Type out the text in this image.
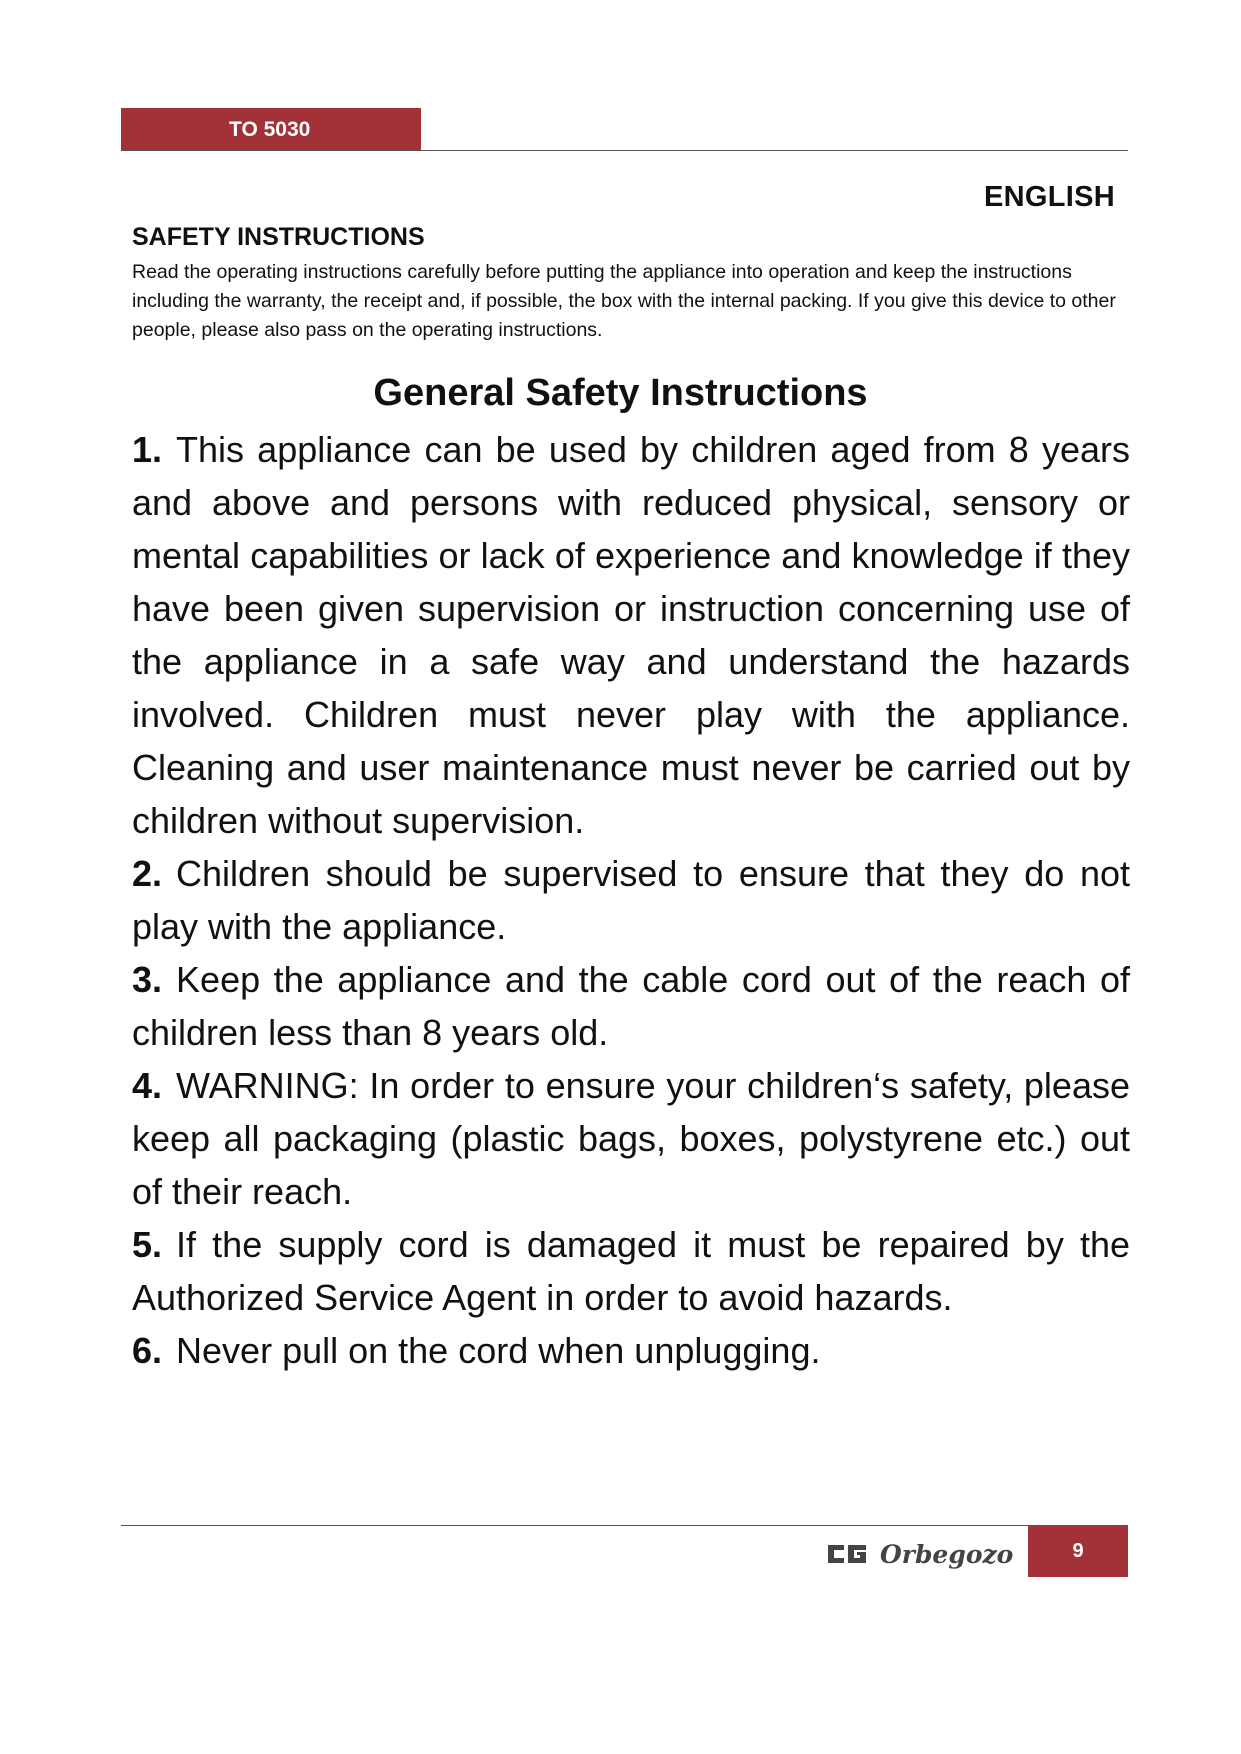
TO 5030
ENGLISH
SAFETY INSTRUCTIONS
Read the operating instructions carefully before putting the appliance into operation and keep the instructions including the warranty, the receipt and, if possible, the box with the internal packing. If you give this device to other people, please also pass on the operating instructions.
General Safety Instructions
1. This appliance can be used by children aged from 8 years and above and persons with reduced physical, sensory or mental capabilities or lack of experience and knowledge if they have been given supervision or instruction concerning use of the appliance in a safe way and understand the hazards involved. Children must never play with the appliance. Cleaning and user maintenance must never be carried out by children without supervision.
2. Children should be supervised to ensure that they do not play with the appliance.
3. Keep the appliance and the cable cord out of the reach of children less than 8 years old.
4. WARNING: In order to ensure your children‘s safety, please keep all packaging (plastic bags, boxes, polystyrene etc.) out of their reach.
5. If the supply cord is damaged it must be repaired by the Authorized Service Agent in order to avoid hazards.
6. Never pull on the cord when unplugging.
Orbegozo	9
